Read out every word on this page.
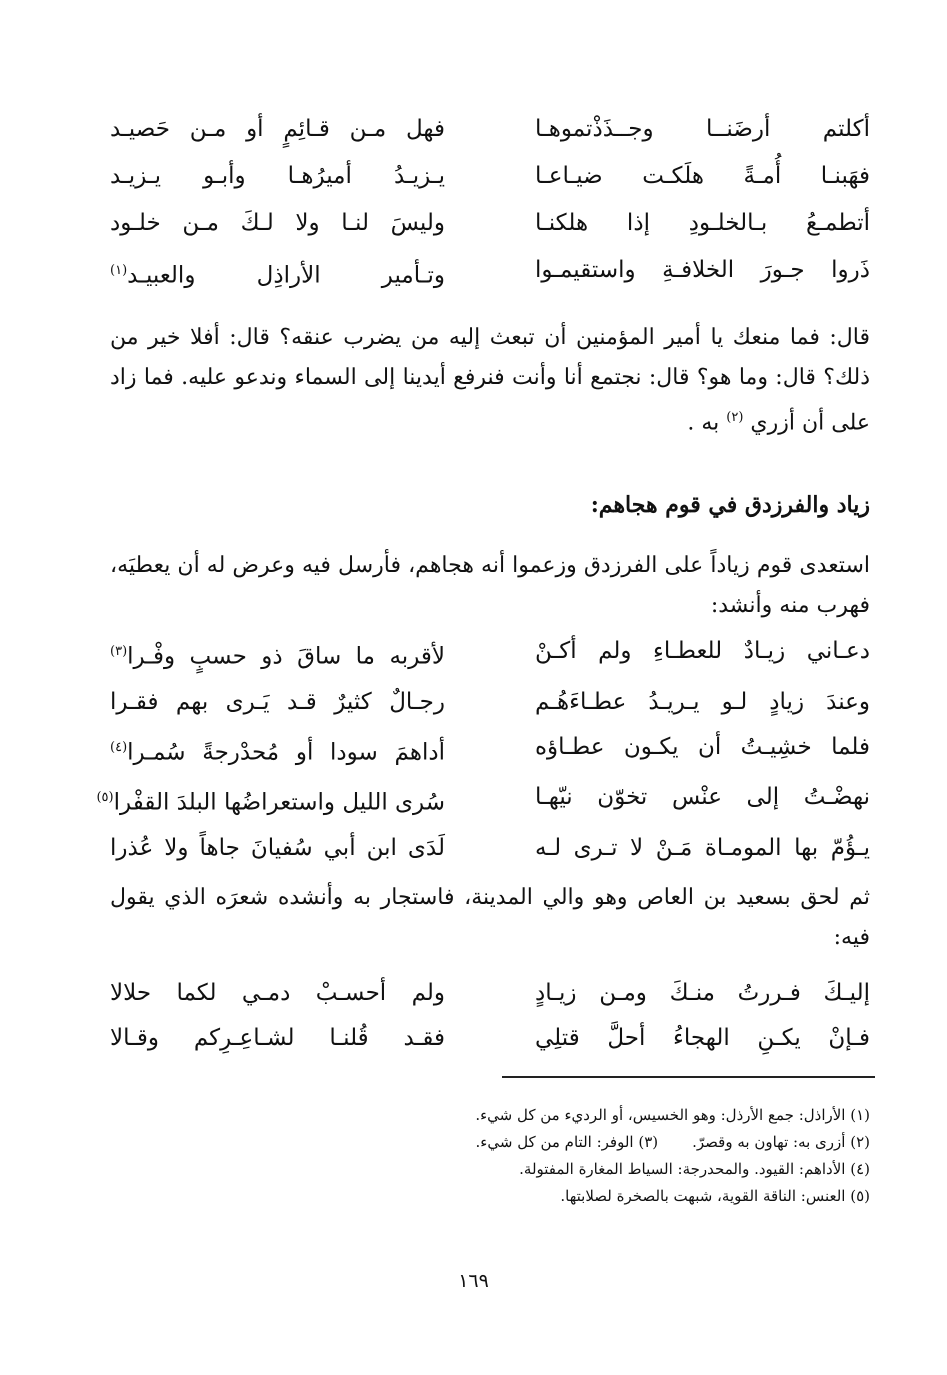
أكلتم أرضَنــا وجــذَذْتموهـا
فهل مـن قـائِمٍ أو مـن حَصيـد
فهَبنـا أُمـةً هلَكـت ضيـاعـا
يـزيـدُ أميرُهـا وأبـو يـزيـد
أتطمـعُ بـالخلـودِ إذا هلكنـا
وليسَ لنـا ولا لـكَ مـن خلـود
ذَروا جـورَ الخلافـةِ واستقيمـوا
وتـأمير الأراذِل والعبيـد$^{(١)}$
قال: فما منعك يا أمير المؤمنين أن تبعث إليه من يضرب عنقه؟ قال: أفلا خير من ذلك؟ قال: وما هو؟ قال: نجتمع أنا وأنت فنرفع أيدينا إلى السماء وندعو عليه. فما زاد على أن أزري $^{(٢)}$ به .
زياد والفرزدق في قوم هجاهم:
استعدى قوم زياداً على الفرزدق وزعموا أنه هجاهم، فأرسل فيه وعرض له أن يعطيَه، فهرب منه وأنشد:
دعـاني زيـادٌ للعطـاءِ ولم أكـنْ
لأقربه ما ساقَ ذو حسبٍ وفْـرا$^{(٣)}$
وعندَ زيادٍ لـو يـريـدُ عطـاءَهُـم
رجـالٌ كثيرٌ قـد يَـرى بهم فقـرا
فلما خشِيـتُ أن يكـون عطـاؤه
أداهمَ سودا أو مُحدْرجةً سُمـرا$^{(٤)}$
نهضْـتُ إلى عنْس تخوّن نيّهـا
سُرى الليل واستعراضُها البلدَ القفْرا$^{(٥)}$
يـؤُمّ بها المومـاة مَـنْ لا تـرى لـه
لَدَى ابن أبي سُفيانَ جاهاً ولا عُذرا
ثم لحق بسعيد بن العاص وهو والي المدينة، فاستجار به وأنشده شعرَه الذي يقول فيه:
إليـكَ فـررتُ منـكَ ومـن زيـادٍ
ولم أحسـبْ دمـي لكما حلالا
فـإنْ يكـنِ الهجاءُ أحلَّ قتلِي
فقـد قُلنـا لشـاعِـرِكم وقـالا
(١) الأراذل: جمع الأرذل: وهو الخسيس، أو الرديء من كل شيء.
(٢) أزرى به: تهاون به وقصرّ.(٣) الوفر: التام من كل شيء.
(٤) الأداهم: القيود. والمحدرجة: السياط المغارة المفتولة.
(٥) العنس: الناقة القوية، شبهت بالصخرة لصلابتها.
١٦٩
